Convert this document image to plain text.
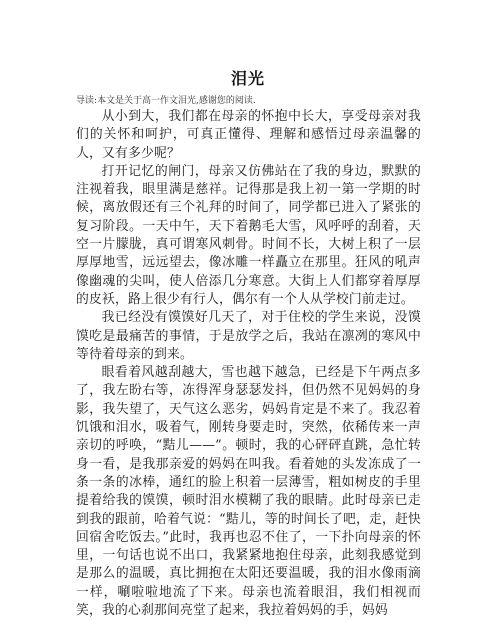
泪光
导读:本文是关于高一作文泪光,感谢您的阅读.

从小到大，我们都在母亲的怀抱中长大，享受母亲对我们的关怀和呵护，可真正懂得、理解和感悟过母亲温馨的人，又有多少呢？

打开记忆的闸门，母亲又仿佛站在了我的身边，默默的注视着我，眼里满是慈祥。记得那是我上初一第一学期的时候，离放假还有三个礼拜的时间了，同学都已进入了紧张的复习阶段。一天中午，天下着鹅毛大雪，风呼呼的刮着，天空一片朦胧，真可谓寒风刺骨。时间不长，大树上积了一层厚厚地雪，远远望去，像冰雕一样矗立在那里。狂风的吼声像幽魂的尖叫，使人倍添几分寒意。大街上人们都穿着厚厚的皮袄，路上很少有行人，偶尔有一个人从学校门前走过。

我已经没有馍馍好几天了，对于住校的学生来说，没馍馍吃是最痛苦的事情，于是放学之后，我站在凛冽的寒风中等待着母亲的到来。

眼看着风越刮越大，雪也越下越急，已经是下午两点多了，我左盼右等，冻得浑身瑟瑟发抖，但仍然不见妈妈的身影，我失望了，天气这么恶劣，妈妈肯定是不来了。我忍着饥饿和泪水，吸着气，刚转身要走时，突然，依稀传来一声亲切的呼唤，“黠儿——”。顿时，我的心砰砰直跳，急忙转身一看，是我那亲爱的妈妈在叫我。看着她的头发冻成了一条一条的冰棒，通红的脸上积着一层薄雪，粗如树皮的手里提着给我的馍馍，顿时泪水模糊了我的眼睛。此时母亲已走到我的跟前，哈着气说：“黠儿，等的时间长了吧，走，赶快回宿舍吃饭去。”此时，我再也忍不住了，一下扑向母亲的怀里，一句话也说不出口，我紧紧地抱住母亲，此刻我感觉到是那么的温暖，真比拥抱在太阳还要温暖，我的泪水像雨滴一样，唰啦啦地流了下来。母亲也流着眼泪，我们相视而笑，我的心刹那间亮堂了起来，我拉着妈妈的手，妈妈
